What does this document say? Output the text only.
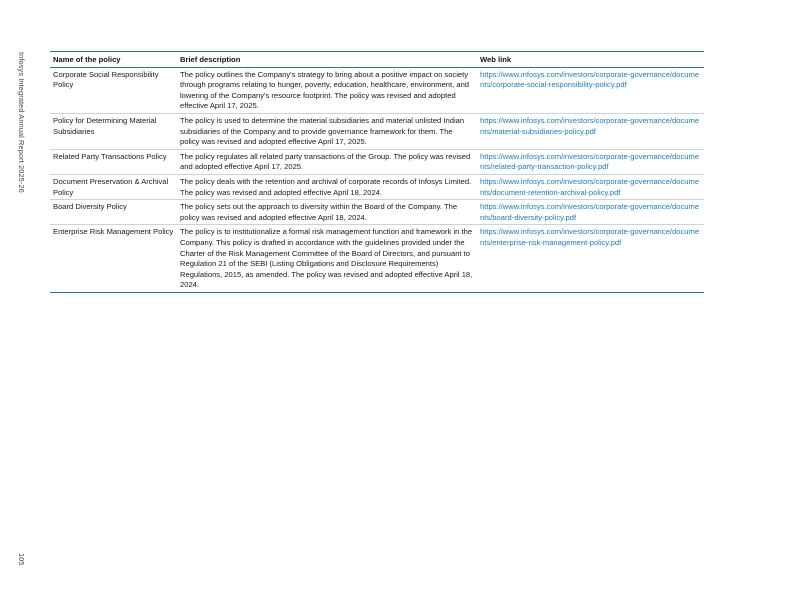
Infosys Integrated Annual Report 2025-26
105
Name of the policy	Brief description	Web link
Corporate Social Responsibility Policy	The policy outlines the Company's strategy to bring about a positive impact on society through programs relating to hunger, poverty, education, healthcare, environment, and lowering of the Company's resource footprint. The policy was revised and adopted effective April 17, 2025.	https://www.infosys.com/investors/corporate-governance/documents/corporate-social-responsibility-policy.pdf
Policy for Determining Material Subsidiaries	The policy is used to determine the material subsidiaries and material unlisted Indian subsidiaries of the Company and to provide governance framework for them. The policy was revised and adopted effective April 17, 2025.	https://www.infosys.com/investors/corporate-governance/documents/material-subsidiaries-policy.pdf
Related Party Transactions Policy	The policy regulates all related party transactions of the Group. The policy was revised and adopted effective April 17, 2025.	https://www.infosys.com/investors/corporate-governance/documents/related-party-transaction-policy.pdf
Document Preservation & Archival Policy	The policy deals with the retention and archival of corporate records of Infosys Limited. The policy was revised and adopted effective April 18, 2024.	https://www.infosys.com/investors/corporate-governance/documents/document-retention-archival-policy.pdf
Board Diversity Policy	The policy sets out the approach to diversity within the Board of the Company. The policy was revised and adopted effective April 18, 2024.	https://www.infosys.com/investors/corporate-governance/documents/board-diversity-policy.pdf
Enterprise Risk Management Policy	The policy is to institutionalize a formal risk management function and framework in the Company. This policy is drafted in accordance with the guidelines provided under the Charter of the Risk Management Committee of the Board of Directors, and pursuant to Regulation 21 of the SEBI (Listing Obligations and Disclosure Requirements) Regulations, 2015, as amended. The policy was revised and adopted effective April 18, 2024.	https://www.infosys.com/investors/corporate-governance/documents/enterprise-risk-management-policy.pdf
